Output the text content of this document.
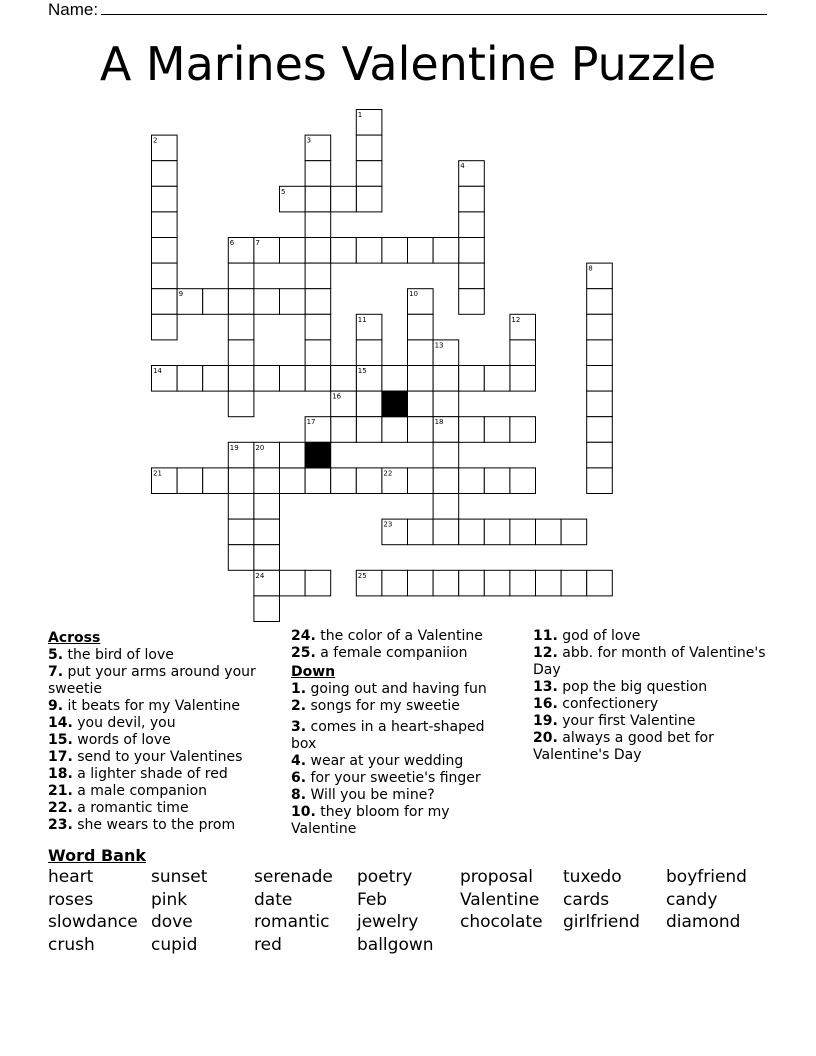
Name:
A Marines Valentine Puzzle
1
2	3
4
5
6	7
8
9	10
11	12
13
14	15
16
17	18
19 20
21	22
23
24	25
Across
5. the bird of love
7. put your arms around your sweetie
9. it beats for my Valentine
14. you devil, you
15. words of love
17. send to your Valentines
18. a lighter shade of red
21. a male companion
22. a romantic time
23. she wears to the prom
24. the color of a Valentine
25. a female companiion
Down
1. going out and having fun
2. songs for my sweetie
3. comes in a heart-shaped box
4. wear at your wedding
6. for your sweetie's finger
8. Will you be mine?
10. they bloom for my Valentine
11. god of love
12. abb. for month of Valentine's Day
13. pop the big question
16. confectionery
19. your first Valentine
20. always a good bet for Valentine's Day
Word Bank
heart	sunset	serenade	poetry	proposal	tuxedo	boyfriend
roses	pink	date	Feb	Valentine	cards	candy
slowdance dove	romantic	jewelry	chocolate	girlfriend	diamond
crush	cupid	red	ballgown
